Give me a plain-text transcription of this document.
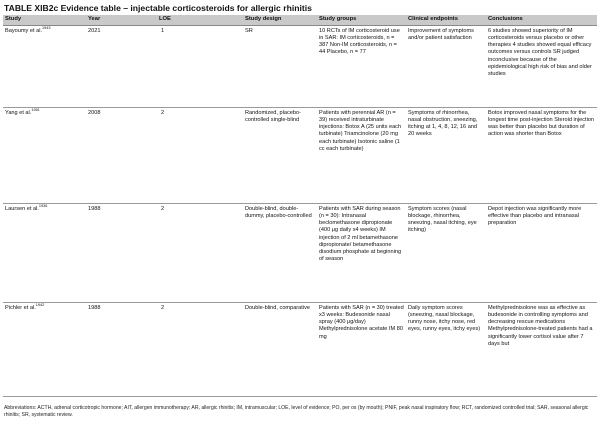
TABLE XIB2c Evidence table – injectable corticosteroids for allergic rhinitis
Study	Year	LOE	Study design	Study groups	Clinical endpoints	Conclusions
Bayoumy et al.$^{1943}$	2021	1	SR	10 RCTs of IM corticosteroid use in SAR: IM corticosteroids, n = 387 Non-IM corticosteroids, n = 44 Placebo, n = 77	Improvement of symptoms and/or patient satisfaction	6 studies showed superiority of IM corticosteroids versus placebo or other therapies 4 studies showed equal efficacy outcomes versus controls SR judged inconclusive because of the epidemiological high risk of bias and older studies
Yang et al.$^{1951}$	2008	2	Randomized, placebo-controlled single-blind	Patients with perennial AR (n = 39) received intraturbinate injections: Botox A (25 units each turbinate) Triamcinolone (20 mg each turbinate) Isotonic saline (1 cc each turbinate)	Symptoms of rhinorrhea, nasal obstruction, sneezing, itching at 1, 4, 8, 12, 16 and 20 weeks	Botox improved nasal symptoms for the longest time post-injection Steroid injection was better than placebo but duration of action was shorter than Botox
Laursen et al.$^{1936}$	1988	2	Double-blind, double-dummy, placebo-controlled	Patients with SAR during season (n = 30): Intranasal beclomethasone dipropionate (400 μg daily x4 weeks) IM injection of 2 ml betamethasone dipropionate/ betamethasone disodium phosphate at beginning of season	Symptom scores (nasal blockage, rhinorrhea, sneezing, nasal itching, eye itching)	Depot injection was significantly more effective than placebo and intranasal preparation
Pichler et al.$^{1942}$	1988	2	Double-blind, comparative	Patients with SAR (n = 30) treated x3 weeks: Budesonide nasal spray (400 μg/day) Methylprednisolone acetate IM 80 mg	Daily symptom scores (sneezing, nasal blockage, runny nose, itchy nose, red eyes, runny eyes, itchy eyes)	Methylprednisolone was as effective as budesonide in controlling symptoms and decreasing rescue medications Methylprednisolone-treated patients had a significantly lower cortisol value after 7 days but
Abbreviations: ACTH, adrenal corticotropic hormone; AIT, allergen immunotherapy; AR, allergic rhinitis; IM, intramuscular; LOE, level of evidence; PO, per os (by mouth); PNIF, peak nasal inspiratory flow; RCT, randomized controlled trial; SAR, seasonal allergic rhinitis; SR, systematic review.
